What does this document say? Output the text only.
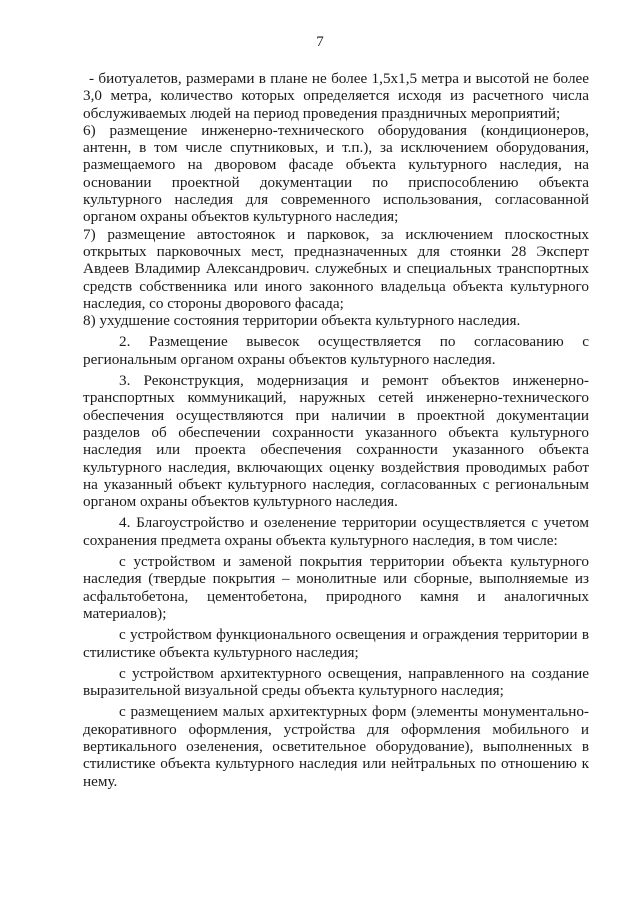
7

- биотуалетов, размерами в плане не более 1,5х1,5 метра и высотой не более 3,0 метра, количество которых определяется исходя из расчетного числа обслуживаемых людей на период проведения праздничных мероприятий;

6) размещение инженерно-технического оборудования (кондиционеров, антенн, в том числе спутниковых, и т.п.), за исключением оборудования, размещаемого на дворовом фасаде объекта культурного наследия, на основании проектной документации по приспособлению объекта культурного наследия для современного использования, согласованной органом охраны объектов культурного наследия;

7) размещение автостоянок и парковок, за исключением плоскостных открытых парковочных мест, предназначенных для стоянки 28 Эксперт Авдеев Владимир Александрович. служебных и специальных транспортных средств собственника или иного законного владельца объекта культурного наследия, со стороны дворового фасада;

8) ухудшение состояния территории объекта культурного наследия.

2. Размещение вывесок осуществляется по согласованию с региональным органом охраны объектов культурного наследия.

3. Реконструкция, модернизация и ремонт объектов инженерно-транспортных коммуникаций, наружных сетей инженерно-технического обеспечения осуществляются при наличии в проектной документации разделов об обеспечении сохранности указанного объекта культурного наследия или проекта обеспечения сохранности указанного объекта культурного наследия, включающих оценку воздействия проводимых работ на указанный объект культурного наследия, согласованных с региональным органом охраны объектов культурного наследия.

4. Благоустройство и озеленение территории осуществляется с учетом сохранения предмета охраны объекта культурного наследия, в том числе:

с устройством и заменой покрытия территории объекта культурного наследия (твердые покрытия – монолитные или сборные, выполняемые из асфальтобетона, цементобетона, природного камня и аналогичных материалов);

с устройством функционального освещения и ограждения территории в стилистике объекта культурного наследия;

с устройством архитектурного освещения, направленного на создание выразительной визуальной среды объекта культурного наследия;

с размещением малых архитектурных форм (элементы монументально-декоративного оформления, устройства для оформления мобильного и вертикального озеленения, осветительное оборудование), выполненных в стилистике объекта культурного наследия или нейтральных по отношению к нему.
